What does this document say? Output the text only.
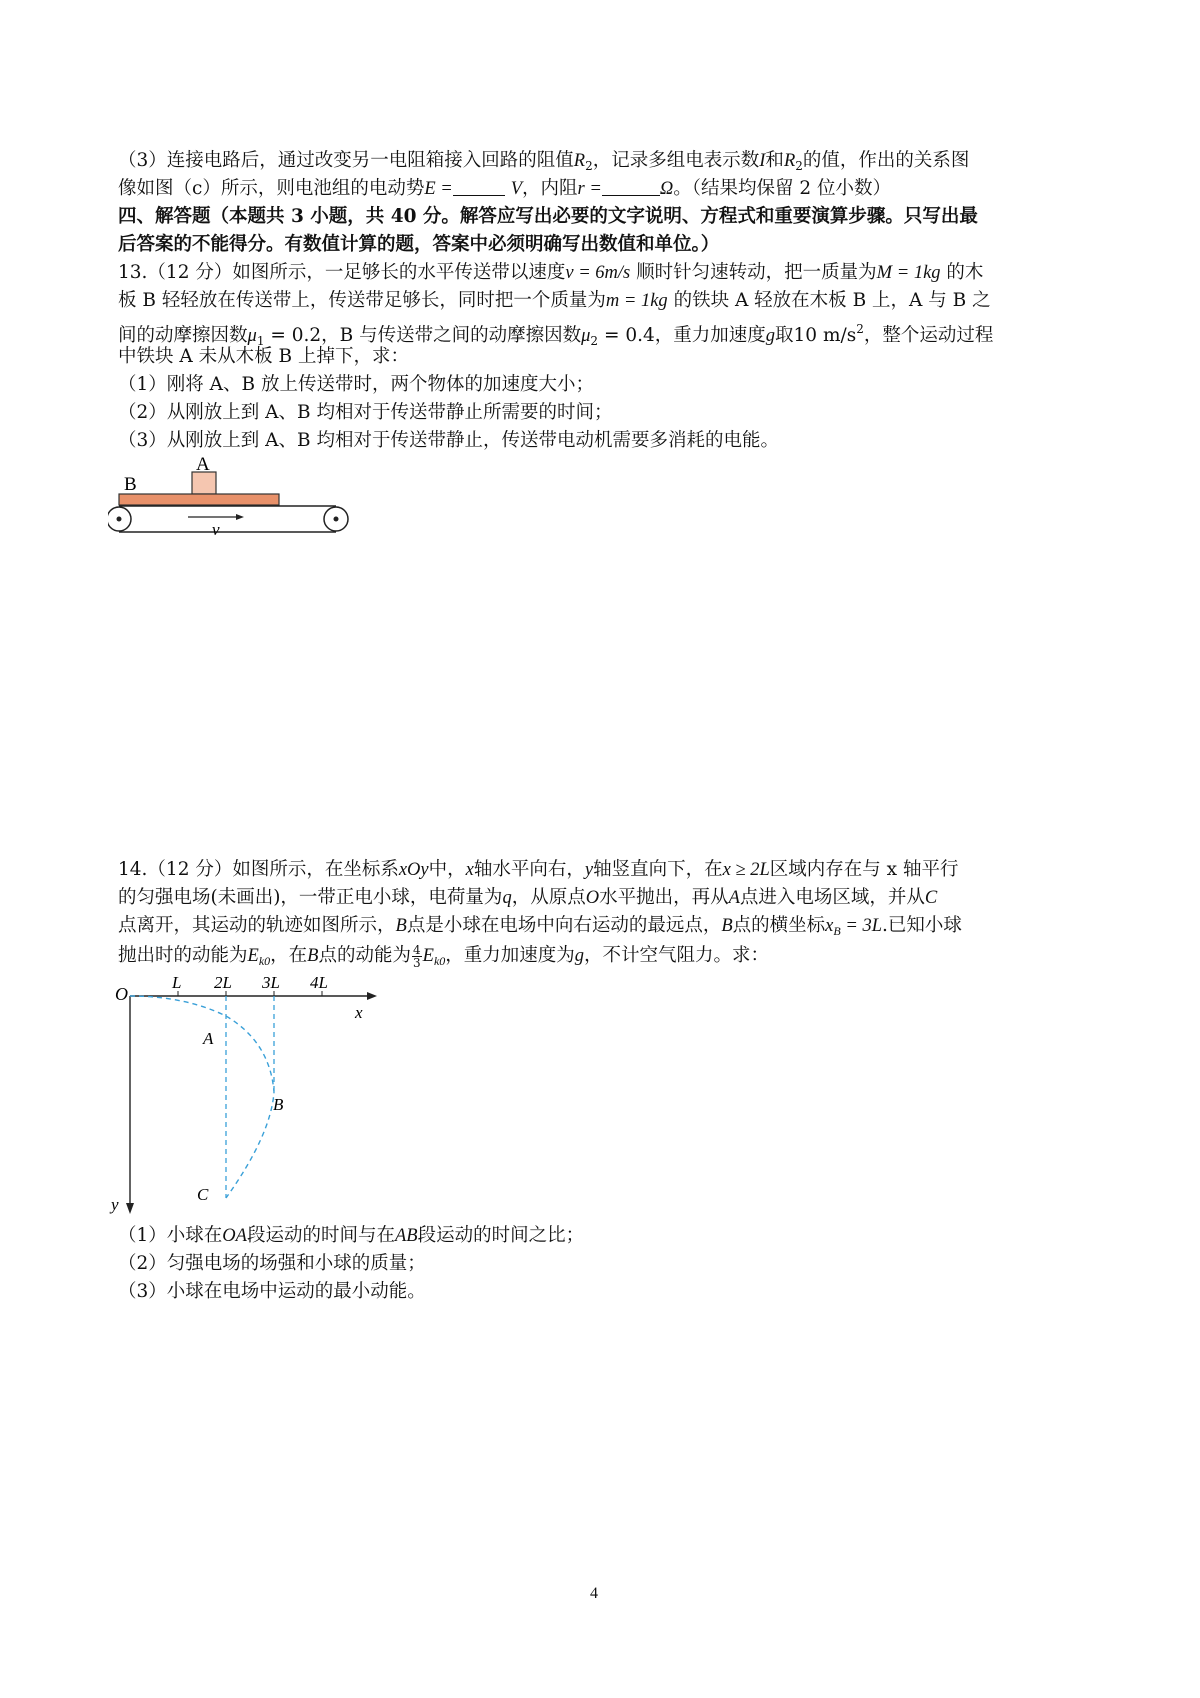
（3）连接电路后，通过改变另一电阻箱接入回路的阻值$R_2$，记录多组电表示数I和$R_2$的值，作出的关系图
像如图（c）所示，则电池组的电动势E =	V，内阻r =	Ω。（结果均保留 2 位小数）
四、解答题（本题共 3 小题，共 40 分。解答应写出必要的文字说明、方程式和重要演算步骤。只写出最
后答案的不能得分。有数值计算的题，答案中必须明确写出数值和单位。）
13.（12 分）如图所示，一足够长的水平传送带以速度v = 6m/s 顺时针匀速转动，把一质量为M = 1kg 的木
板 B 轻轻放在传送带上，传送带足够长，同时把一个质量为m = 1kg 的铁块 A 轻放在木板 B 上，A 与 B 之
间的动摩擦因数$\mu_1 = 0.2$，B 与传送带之间的动摩擦因数$\mu_2 = 0.4$，重力加速度g取10 $m/s^2$，整个运动过程
中铁块 A 未从木板 B 上掉下，求：
（1）刚将 A、B 放上传送带时，两个物体的加速度大小；
（2）从刚放上到 A、B 均相对于传送带静止所需要的时间；
（3）从刚放上到 A、B 均相对于传送带静止，传送带电动机需要多消耗的电能。
A
B
v
14.（12 分）如图所示，在坐标系xOy中，x轴水平向右，y轴竖直向下，在x ≥ 2L区域内存在与 x 轴平行
的匀强电场(未画出)，一带正电小球，电荷量为q，从原点O水平抛出，再从A点进入电场区域，并从C
点离开，其运动的轨迹如图所示，B点是小球在电场中向右运动的最远点，B点的横坐标$x_B = 3L$.已知小球
抛出时的动能为$E_{k0}$，在B点的动能为 $\frac{4}{3} E_{k0}$，重力加速度为g，不计空气阻力。求：
O
L 2L 3L 4L
x
y
A
B
C
（1）小球在OA段运动的时间与在AB段运动的时间之比；
（2）匀强电场的场强和小球的质量；
（3）小球在电场中运动的最小动能。
4
